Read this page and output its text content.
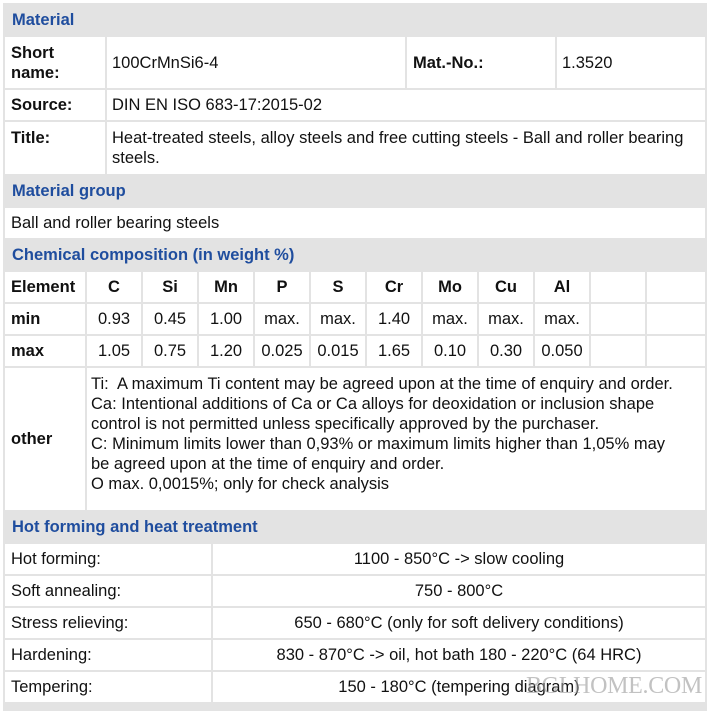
Material
Short name:
100CrMnSi6-4	Mat.-No.:	1.3520
Source:	DIN EN ISO 683-17:2015-02
Title:	Heat-treated steels, alloy steels and free cutting steels - Ball and roller bearing steels.
Material group
Ball and roller bearing steels
Chemical composition (in weight %)
Element	C	Si	Mn	P	S	Cr	Mo	Cu	Al
min	0.93	0.45	1.00	max.	max.	1.40	max.	max.	max.
max	1.05	0.75	1.20	0.025 0.015	1.65	0.10	0.30	0.050
other
Ti:  A maximum Ti content may be agreed upon at the time of enquiry and order.
Ca: Intentional additions of Ca or Ca alloys for deoxidation or inclusion shape
control is not permitted unless specifically approved by the purchaser.
C: Minimum limits lower than 0,93% or maximum limits higher than 1,05% may
be agreed upon at the time of enquiry and order.
O max. 0,0015%; only for check analysis
Hot forming and heat treatment
Hot forming:	1100 - 850°C -> slow cooling
Soft annealing:	750 - 800°C
Stress relieving:	650 - 680°C (only for soft delivery conditions)
Hardening:	830 - 870°C -> oil, hot bath 180 - 220°C (64 HRC)
Tempering:	150 - 180°C (tempering diagram)
BGLHOME.COM
